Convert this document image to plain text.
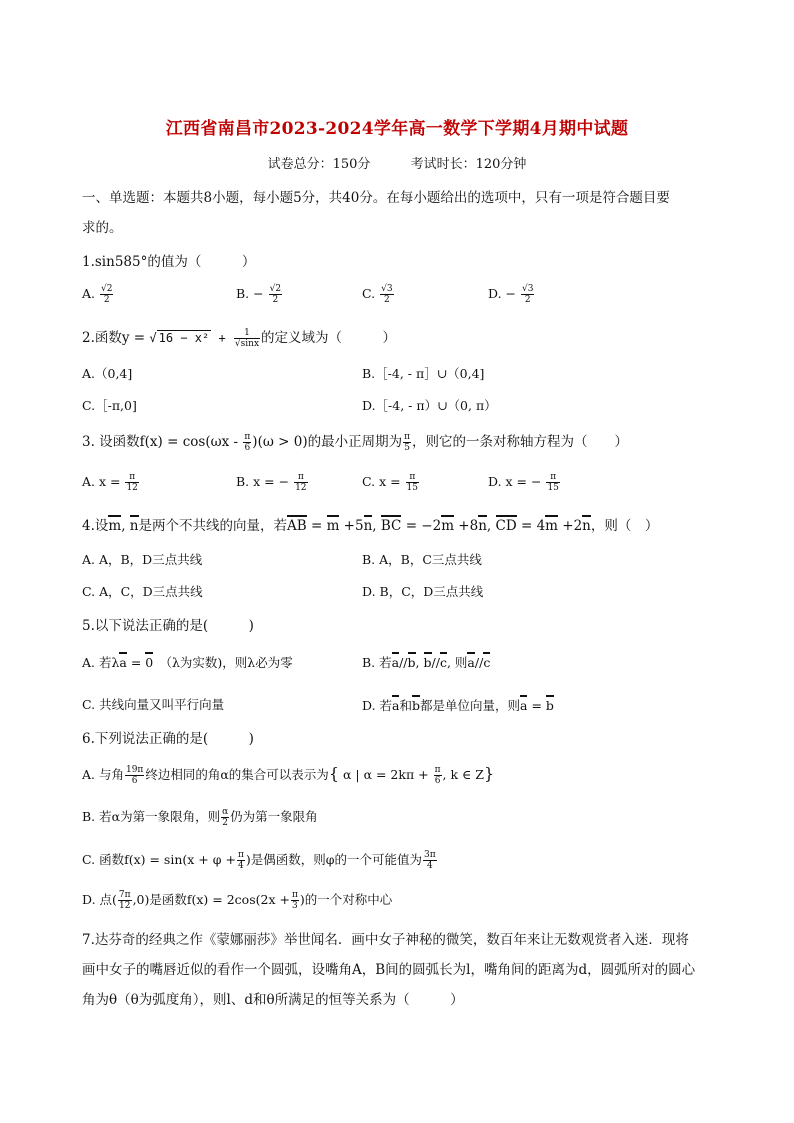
江西省南昌市2023-2024学年高一数学下学期4月期中试题
试卷总分：150分	考试时长：120分钟
一、单选题：本题共8小题，每小题5分，共40分。在每小题给出的选项中，只有一项是符合题目要
求的。
1.sin585°的值为（　　　）
A. $\frac{√2}{2}$	B. − $\frac{√2}{2}$	C. $\frac{√3}{2}$	D. − $\frac{√3}{2}$
2.函数y = √ $16 - x^2 + \frac{1}{√\sin x}$ 的定义域为（　　　）
A.（0,4]	B.［-4, - π］∪（0,4]
C.［-π,0]	D.［-4, - π）∪（0, π）
3. 设函数$f(x) = \cos(\omega x - \frac{\pi}{6} )(\omega > 0)$的最小正周期为 $\frac{\pi}{5}$ ，则它的一条对称轴方程为（　　）
A. $x = \frac{\pi}{12}$	B. x = − $\frac{\pi}{12}$	C. $x = \frac{\pi}{15}$	D. x = − $\frac{\pi}{15}$
4.设m, n是两个不共线的向量，若AB = m +5n, BC = −2m +8n, CD = 4m +2n，则（　）
A. A，B，D三点共线	B. A，B，C三点共线
C. A，C，D三点共线	D. B，C，D三点共线
5.以下说法正确的是(　　　)
A. 若λa = 0　 （λ为实数)，则λ必为零	B. 若a//b, b//c, 则a//c
C. 共线向量又叫平行向量	D. 若a和b都是单位向量，则a = b
6.下列说法正确的是(　　　)
A. 与角 $\frac{19\pi}{6}$ 终边相同的角α的集合可以表示为{ α | $\alpha = 2k\pi + \frac{\pi}{6}$ , k ∈ Z}
B. 若α为第一象限角，则 $\frac{\alpha}{2}$ 仍为第一象限角
C. 函数$f(x) = \sin(x + \varphi + \frac{\pi}{4}$ )是偶函数，则φ的一个可能值为 $\frac{3\pi}{4}$
D. 点( $\frac{7\pi}{12} ,0$)是函数$f(x) = 2\cos(2x + \frac{\pi}{3}$ )的一个对称中心
7.达芬奇的经典之作《蒙娜丽莎》举世闻名．画中女子神秘的微笑，数百年来让无数观赏者入迷．现将
画中女子的嘴唇近似的看作一个圆弧，设嘴角A，B间的圆弧长为l，嘴角间的距离为d，圆弧所对的圆心
角为θ（θ为弧度角），则l、d和θ所满足的恒等关系为（　　　）
